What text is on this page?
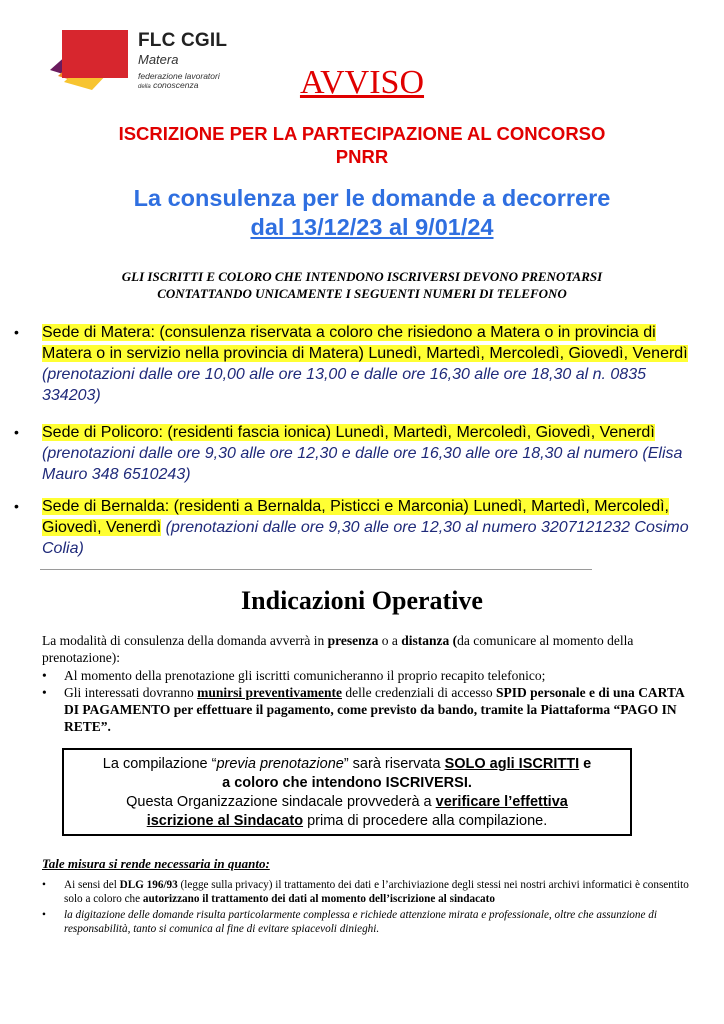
FLC CGIL
Matera
federazione lavoratori
della conoscenza	AVVISO
ISCRIZIONE PER LA PARTECIPAZIONE AL CONCORSO
PNRR
La consulenza per le domande a decorrere
dal 13/12/23 al 9/01/24
GLI ISCRITTI E COLORO CHE INTENDONO ISCRIVERSI DEVONO PRENOTARSI
CONTATTANDO UNICAMENTE I SEGUENTI NUMERI DI TELEFONO
• Sede di Matera: (consulenza riservata a coloro che risiedono a Matera o in provincia di Matera o in servizio nella provincia di Matera) Lunedì, Martedì, Mercoledì, Giovedì, Venerdì (prenotazioni dalle ore 10,00 alle ore 13,00 e dalle ore 16,30 alle ore 18,30 al n. 0835 334203)
• Sede di Policoro: (residenti fascia ionica) Lunedì, Martedì, Mercoledì, Giovedì, Venerdì (prenotazioni dalle ore 9,30 alle ore 12,30 e dalle ore 16,30 alle ore 18,30 al numero (Elisa Mauro 348 6510243)
• Sede di Bernalda: (residenti a Bernalda, Pisticci e Marconia) Lunedì, Martedì, Mercoledì, Giovedì, Venerdì (prenotazioni dalle ore 9,30 alle ore 12,30 al numero 3207121232 Cosimo Colia)
Indicazioni Operative
La modalità di consulenza della domanda avverrà in presenza o a distanza (da comunicare al momento della prenotazione):
• Al momento della prenotazione gli iscritti comunicheranno il proprio recapito telefonico;
• Gli interessati dovranno munirsi preventivamente delle credenziali di accesso SPID personale e di una CARTA DI PAGAMENTO per effettuare il pagamento, come previsto da bando, tramite la Piattaforma “PAGO IN RETE”.
La compilazione “previa prenotazione” sarà riservata SOLO agli ISCRITTI e
a coloro che intendono ISCRIVERSI.
Questa Organizzazione sindacale provvederà a verificare l’effettiva
iscrizione al Sindacato prima di procedere alla compilazione.
Tale misura si rende necessaria in quanto:
• Ai sensi del DLG 196/93 (legge sulla privacy) il trattamento dei dati e l’archiviazione degli stessi nei nostri archivi informatici è consentito solo a coloro che autorizzano il trattamento dei dati al momento dell’iscrizione al sindacato
• la digitazione delle domande risulta particolarmente complessa e richiede attenzione mirata e professionale, oltre che assunzione di responsabilità, tanto si comunica al fine di evitare spiacevoli dinieghi.
